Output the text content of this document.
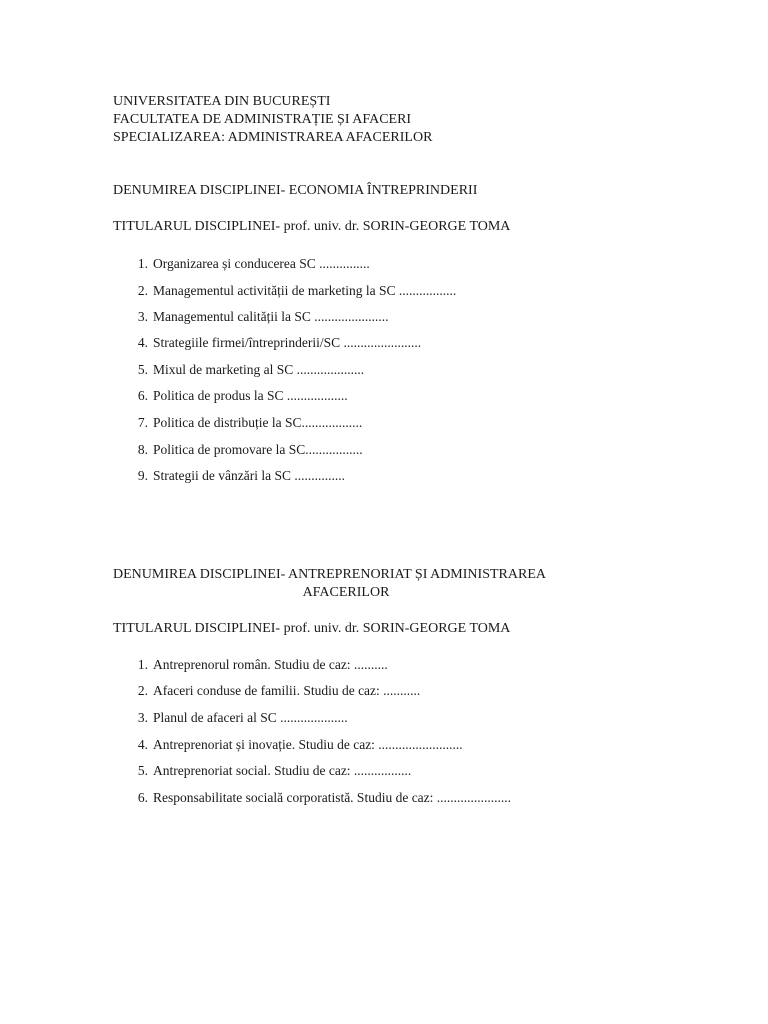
UNIVERSITATEA DIN BUCUREȘTI
FACULTATEA DE ADMINISTRAȚIE ȘI AFACERI
SPECIALIZAREA: ADMINISTRAREA AFACERILOR
DENUMIREA DISCIPLINEI- ECONOMIA ÎNTREPRINDERII
TITULARUL DISCIPLINEI- prof. univ. dr. SORIN-GEORGE TOMA
1. Organizarea și conducerea SC ...............
2. Managementul activității de marketing la SC .................
3. Managementul calității la SC ......................
4. Strategiile firmei/întreprinderii/SC .......................
5. Mixul de marketing al SC ....................
6. Politica de produs la SC ..................
7. Politica de distribuție la SC..................
8. Politica de promovare la SC.................
9. Strategii de vânzări la SC ...............
DENUMIREA DISCIPLINEI- ANTREPRENORIAT ȘI ADMINISTRAREA
AFACERILOR
TITULARUL DISCIPLINEI- prof. univ. dr. SORIN-GEORGE TOMA
1. Antreprenorul român. Studiu de caz: ..........
2. Afaceri conduse de familii. Studiu de caz: ...........
3. Planul de afaceri al SC ....................
4. Antreprenoriat și inovație. Studiu de caz: .........................
5. Antreprenoriat social. Studiu de caz: .................
6. Responsabilitate socială corporatistă. Studiu de caz: ......................
